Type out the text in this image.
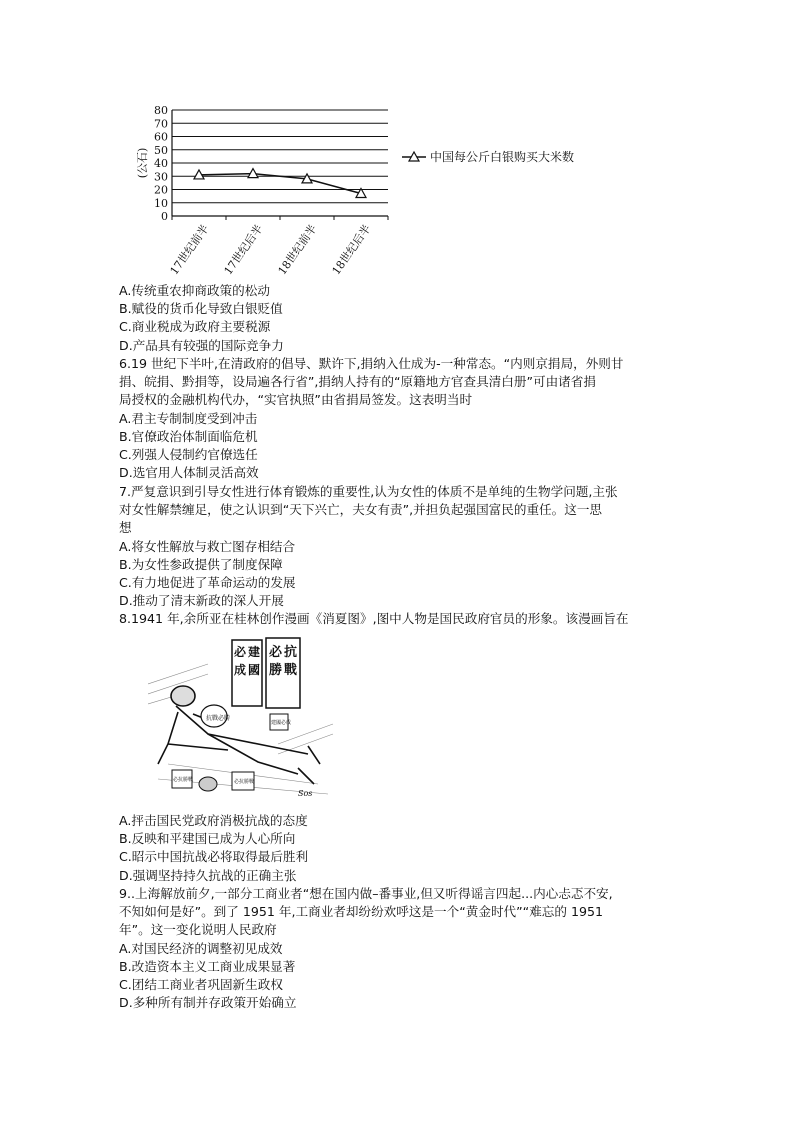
0
10
20
30
40
50
60
70
80
(公石)
17世纪前半 17世纪后半 18世纪前半 18世纪后半
中国每公斤白银购买大米数
A.传统重农抑商政策的松动
B.赋役的货币化导致白银贬值
C.商业税成为政府主要税源
D.产品具有较强的国际竞争力
6.19 世纪下半叶,在清政府的倡导、默许下,捐纳入仕成为-一种常态。“内则京捐局，外则甘
捐、皖捐、黔捐等，设局遍各行省”,捐纳人持有的“原籍地方官查具清白册”可由诸省捐
局授权的金融机构代办，“实官执照”由省捐局签发。这表明当时
A.君主专制制度受到冲击
B.官僚政治体制面临危机
C.列强人侵制约官僚选任
D.选官用人体制灵活高效
7.严复意识到引导女性进行体育锻炼的重要性,认为女性的体质不是单纯的生物学问题,主张
对女性解禁缠足，使之认识到“天下兴亡，夫女有责”,并担负起强国富民的重任。这一思
想
A.将女性解放与救亡图存相结合
B.为女性参政提供了制度保障
C.有力地促进了革命运动的发展
D.推动了清末新政的深人开展
8.1941 年,余所亚在桂林创作漫画《消夏图》,图中人物是国民政府官员的形象。该漫画旨在
必 抗 勝 戰
必 建 成 國
抗戰必勝
建國必成
必抗勝戰	必抗勝戰
Sos
A.抨击国民党政府消极抗战的态度
B.反映和平建国已成为人心所向
C.昭示中国抗战必将取得最后胜利
D.强调坚持持久抗战的正确主张
9..上海解放前夕,一部分工商业者“想在国内做–番事业,但又听得谣言四起...内心忐忑不安,
不知如何是好”。到了 1951 年,工商业者却纷纷欢呼这是一个“黄金时代”“难忘的 1951
年”。这一变化说明人民政府
A.对国民经济的调整初见成效
B.改造资本主义工商业成果显著
C.团结工商业者巩固新生政权
D.多种所有制并存政策开始确立
